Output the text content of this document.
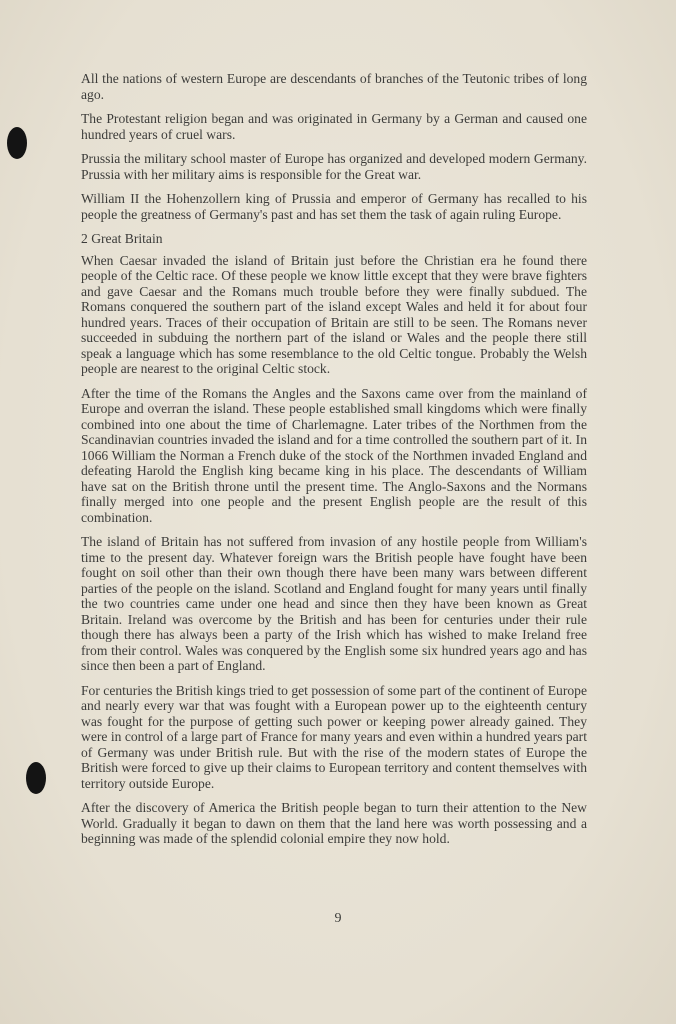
All the nations of western Europe are descendants of branches of the Teutonic tribes of long ago.

The Protestant religion began and was originated in Germany by a German and caused one hundred years of cruel wars.

Prussia the military school master of Europe has organized and developed modern Germany. Prussia with her military aims is responsible for the Great war.

William II the Hohenzollern king of Prussia and emperor of Germany has recalled to his people the greatness of Germany's past and has set them the task of again ruling Europe.

2 Great Britain

When Caesar invaded the island of Britain just before the Christian era he found there people of the Celtic race. Of these people we know little except that they were brave fighters and gave Caesar and the Romans much trouble before they were finally subdued. The Romans conquered the southern part of the island except Wales and held it for about four hundred years. Traces of their occupation of Britain are still to be seen. The Romans never succeeded in subduing the northern part of the island or Wales and the people there still speak a language which has some resemblance to the old Celtic tongue. Probably the Welsh people are nearest to the original Celtic stock.

After the time of the Romans the Angles and the Saxons came over from the mainland of Europe and overran the island. These people established small kingdoms which were finally combined into one about the time of Charlemagne. Later tribes of the Northmen from the Scandinavian countries invaded the island and for a time controlled the southern part of it. In 1066 William the Norman a French duke of the stock of the Northmen invaded England and defeating Harold the English king became king in his place. The descendants of William have sat on the British throne until the present time. The Anglo-Saxons and the Normans finally merged into one people and the present English people are the result of this combination.

The island of Britain has not suffered from invasion of any hostile people from William's time to the present day. Whatever foreign wars the British people have fought have been fought on soil other than their own though there have been many wars between different parties of the people on the island. Scotland and England fought for many years until finally the two countries came under one head and since then they have been known as Great Britain. Ireland was overcome by the British and has been for centuries under their rule though there has always been a party of the Irish which has wished to make Ireland free from their control. Wales was conquered by the English some six hundred years ago and has since then been a part of England.

For centuries the British kings tried to get possession of some part of the continent of Europe and nearly every war that was fought with a European power up to the eighteenth century was fought for the purpose of getting such power or keeping power already gained. They were in control of a large part of France for many years and even within a hundred years part of Germany was under British rule. But with the rise of the modern states of Europe the British were forced to give up their claims to European territory and content themselves with territory outside Europe.

After the discovery of America the British people began to turn their attention to the New World. Gradually it began to dawn on them that the land here was worth possessing and a beginning was made of the splendid colonial empire they now hold.

9
